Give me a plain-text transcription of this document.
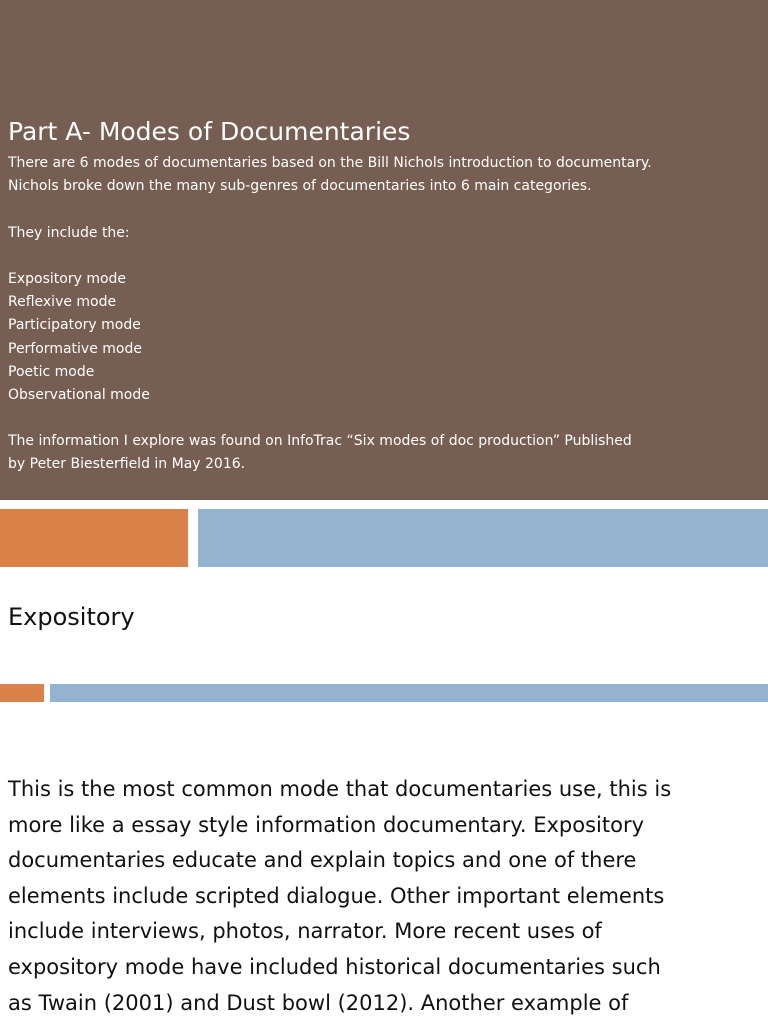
Part A- Modes of Documentaries
There are 6 modes of documentaries based on the Bill Nichols introduction to documentary.
Nichols broke down the many sub-genres of documentaries into 6 main categories.
They include the:
Expository mode
Reflexive mode
Participatory mode
Performative mode
Poetic mode
Observational mode
The information I explore was found on InfoTrac “Six modes of doc production” Published
by Peter Biesterfield in May 2016.
Expository
This is the most common mode that documentaries use, this is
more like a essay style information documentary. Expository
documentaries educate and explain topics and one of there
elements include scripted dialogue. Other important elements
include interviews, photos, narrator. More recent uses of
expository mode have included historical documentaries such
as Twain (2001) and Dust bowl (2012). Another example of
